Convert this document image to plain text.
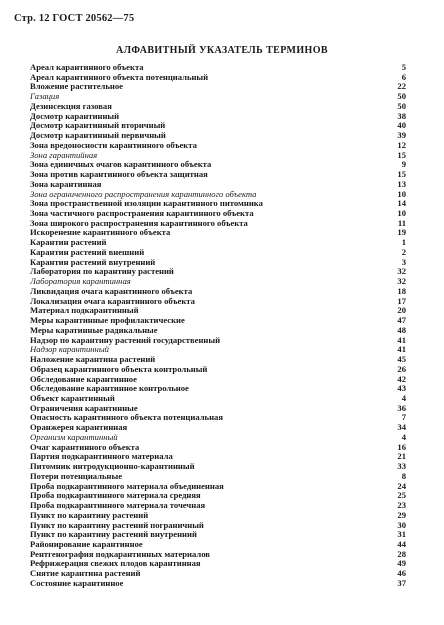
Стр. 12 ГОСТ 20562—75
АЛФАВИТНЫЙ УКАЗАТЕЛЬ ТЕРМИНОВ
Ареал карантинного объекта	5
Ареал карантинного объекта потенциальный	6
Вложение растительное	22
Газация	50
Дезинсекция газовая	50
Досмотр карантинный	38
Досмотр карантинный вторичный	40
Досмотр карантинный первичный	39
Зона вредоносности карантинного объекта	12
Зона гарантийная	15
Зона единичных очагов карантинного объекта	9
Зона против карантинного объекта защитная	15
Зона карантинная	13
Зона ограниченного распространения карантинного объекта	10
Зона пространственной изоляции карантинного питомника	14
Зона частичного распространения карантинного объекта	10
Зона широкого распространения карантинного объекта	11
Искоренение карантинного объекта	19
Карантин растений	1
Карантин растений внешний	2
Карантин растений внутренний	3
Лаборатория по карантину растений	32
Лаборатория карантинная	32
Ликвидация очага карантинного объекта	18
Локализация очага карантинного объекта	17
Материал подкарантинный	20
Меры карантинные профилактические	47
Меры каратинные радикальные	48
Надзор по карантину растений государственный	41
Надзор карантинный	41
Наложение карантина растений	45
Образец карантинного объекта контрольный	26
Обследование карантинное	42
Обследование карантинное контрольное	43
Объект карантинный	4
Ограничения карантинные	36
Опасность карантинного объекта потенциальная	7
Оранжерея карантинная	34
Организм карантинный	4
Очаг карантинного объекта	16
Партия подкарантинного материала	21
Питомник интродукционно-карантинный	33
Потери потенциальные	8
Проба подкарантинного материала объединенная	24
Проба подкарантинного материала средняя	25
Проба подкарантинного материала точечная	23
Пункт по карантину растений	29
Пункт по карантину растений пограничный	30
Пункт по карантину растений внутренний	31
Районирование карантинное	44
Рентгенография подкарантинных материалов	28
Рефрижерация свежих плодов карантинная	49
Снятие карантина растений	46
Состояние карантинное	37
